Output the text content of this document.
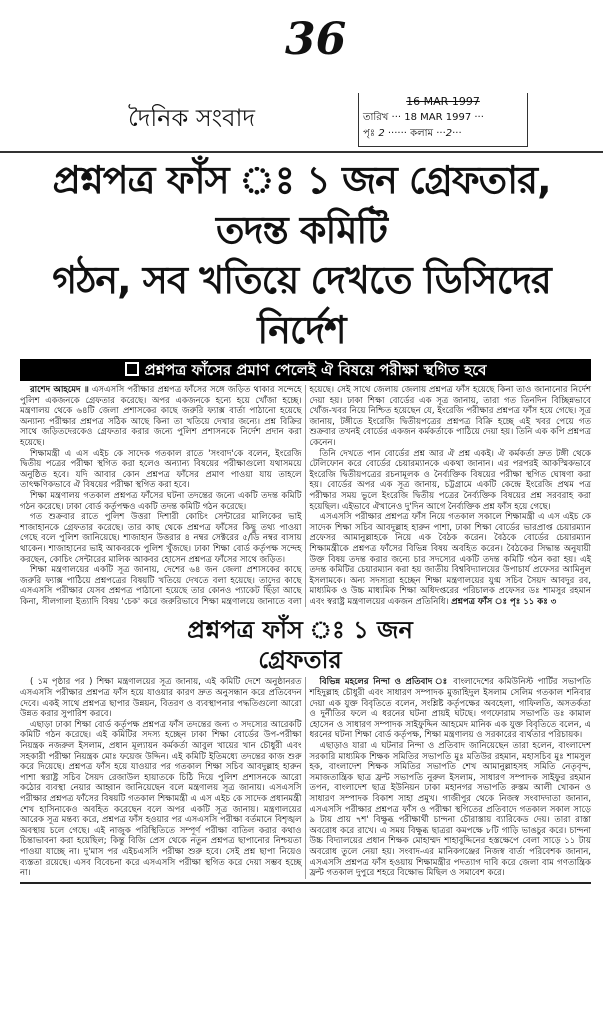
36
দৈনিক সংবাদ
16 MAR 1997
তারিখ ··· 18 MAR 1997 ···
পৃঃ 2 ······ কলাম ···2···
প্রশ্নপত্র ফাঁস ঃ ১ জন গ্রেফতার, তদন্ত কমিটি
গঠন, সব খতিয়ে দেখতে ডিসিদের নির্দেশ
প্রশ্নপত্র ফাঁসের প্রমাণ পেলেই ঐ বিষয়ে পরীক্ষা স্থগিত হবে

রাশেদ আহমেদ ॥ এসএসসি পরীক্ষার প্রশ্নপত্র ফাঁসের সঙ্গে জড়িত থাকার সন্দেহে পুলিশ একজনকে গ্রেফতার করেছে। অপর একজনকে হন্যে হয়ে খোঁজা হচ্ছে। মন্ত্রণালয় থেকে ৬৪টি জেলা প্রশাসকের কাছে জরুরি ফ্যাক্স বার্তা পাঠানো হয়েছে অন্যান্য পরীক্ষার প্রশ্নপত্র সঠিক আছে কিনা তা খতিয়ে দেখার জন্যে। প্রশ্ন বিক্রির সাথে জড়িতদেরকেও গ্রেফতার করার জন্যে পুলিশ প্রশাসনকে নির্দেশ প্রদান করা হয়েছে।

শিক্ষামন্ত্রী এ এস এইচ কে সাদেক গতকাল রাতে 'সংবাদ'কে বলেন, ইংরেজি দ্বিতীয় পত্রের পরীক্ষা স্থগিত করা হলেও অন্যান্য বিষয়ের পরীক্ষাগুলো যথাসময়ে অনুষ্ঠিত হবে। যদি আবার কোন প্রশ্নপত্র ফাঁসের প্রমাণ পাওয়া যায় তাহলে তাৎক্ষণিকভাবে ঐ বিষয়ের পরীক্ষা স্থগিত করা হবে।

শিক্ষা মন্ত্রণালয় গতকাল প্রশ্নপত্র ফাঁসের ঘটনা তদন্তের জন্যে একটি তদন্ত কমিটি গঠন করেছে। ঢাকা বোর্ড কর্তৃপক্ষও একটি তদন্ত কমিটি গঠন করেছে।

গত শুক্রবার রাতে পুলিশ উত্তরা দিশারী কোচিং সেন্টারের মালিকের ভাই শাজাহানকে গ্রেফতার করেছে। তার কাছ থেকে প্রশ্নপত্র ফাঁসের কিছু তথ্য পাওয়া গেছে বলে পুলিশ জানিয়েছে। শাজাহান উত্তরার ৪ নম্বর সেক্টরের ৫/ডি নম্বর বাসায় থাকেন। শাজাহানের ভাই আকবরকে পুলিশ খুঁজছে। ঢাকা শিক্ষা বোর্ড কর্তৃপক্ষ সন্দেহ করছেন, কোচিং সেন্টারের মালিক আকবর হোসেন প্রশ্নপত্র ফাঁসের সাথে জড়িত।

শিক্ষা মন্ত্রণালয়ের একটি সূত্র জানায়, দেশের ৬৪ জন জেলা প্রশাসকের কাছে জরুরি ফ্যাক্স পাঠিয়ে প্রশ্নপত্রের বিষয়টি খতিয়ে দেখতে বলা হয়েছে। তাদের কাছে এসএসসি পরীক্ষার যেসব প্রশ্নপত্র পাঠানো হয়েছে তার কোনও প্যাকেট ছিঁড়া আছে কিনা, সীলগালা ইত্যাদি বিষয় 'চেক' করে জরুরিভাবে শিক্ষা মন্ত্রণালয়ে জানাতে বলা হয়েছে। সেই সাথে জেলায় জেলায় প্রশ্নপত্র ফাঁস হয়েছে কিনা তাও জানানোর নির্দেশ দেয়া হয়। ঢাকা শিক্ষা বোর্ডের এক সূত্র জানায়, তারা গত তিনদিন বিচ্ছিন্নভাবে খোঁজ-খবর নিয়ে নিশ্চিত হয়েছেন যে, ইংরেজি পরীক্ষার প্রশ্নপত্র ফাঁস হয়ে গেছে। সূত্র জানায়, টঙ্গীতে ইংরেজি দ্বিতীয়পত্রের প্রশ্নপত্র বিক্রি হচ্ছে এই খবর পেয়ে গত শুক্রবার তখনই বোর্ডের একজন কর্মকর্তাকে পাঠিয়ে দেয়া হয়। তিনি এক কপি প্রশ্নপত্র কেনেন।

তিনি দেখতে পান বোর্ডের প্রশ্ন আর ঐ প্রশ্ন একই। ঐ কর্মকর্তা দ্রুত টঙ্গী থেকে টেলিফোন করে বোর্ডের চেয়ারম্যানকে একথা জানান। এর পরপরই আকস্মিকভাবে ইংরেজি দ্বিতীয়পত্রের রচনামূলক ও নৈর্ব্যক্তিক বিষয়ের পরীক্ষা স্থগিত ঘোষণা করা হয়। বোর্ডের অপর এক সূত্র জানায়, চট্টগ্রামে একটি কেন্দ্রে ইংরেজি প্রথম পত্র পরীক্ষার সময় ভুলে ইংরেজি দ্বিতীয় পত্রের নৈর্ব্যক্তিক বিষয়ের প্রশ্ন সরবরাহ করা হয়েছিল। এইভাবে ঐখানেও দু'দিন আগে নৈর্ব্যক্তিক প্রশ্ন ফাঁস হয়ে গেছে।

এসএসসি পরীক্ষার প্রশ্নপত্র ফাঁস নিয়ে গতকাল সকালে শিক্ষামন্ত্রী এ এস এইচ কে সাদেক শিক্ষা সচিব আবদুল্লাহ হারুন পাশা, ঢাকা শিক্ষা বোর্ডের ভারপ্রাপ্ত চেয়ারম্যান প্রফেসর আমানুল্লাহকে নিয়ে এক বৈঠক করেন। বৈঠকে বোর্ডের চেয়ারম্যান শিক্ষামন্ত্রীকে প্রশ্নপত্র ফাঁসের বিভিন্ন বিষয় অবহিত করেন। বৈঠকের সিদ্ধান্ত অনুযায়ী উক্ত বিষয় তদন্ত করার জন্যে চার সদস্যের একটি তদন্ত কমিটি গঠন করা হয়। এই তদন্ত কমিটির চেয়ারম্যান করা হয় জাতীয় বিশ্ববিদ্যালয়ের উপাচার্য প্রফেসর আমিনুল ইসলামকে। অন্য সদস্যরা হচ্ছেন শিক্ষা মন্ত্রণালয়ের যুগ্ম সচিব সৈয়দ আবদুর রব, মাধ্যমিক ও উচ্চ মাধ্যমিক শিক্ষা অধিদপ্তরের পরিচালক প্রফেসর ডঃ শামসুর রহমান এবং স্বরাষ্ট্র মন্ত্রণালয়ের একজন প্রতিনিধি। প্রশ্নপত্র ফাঁস ঃ পৃঃ ১১ কঃ ৩

প্রশ্নপত্র ফাঁস ঃ ১ জন গ্রেফতার

( ১ম পৃষ্ঠার পর ) শিক্ষা মন্ত্রণালয়ের সূত্র জানায়, এই কমিটি দেশে অনুষ্ঠানরত এসএসসি পরীক্ষার প্রশ্নপত্র ফাঁস হয়ে যাওয়ার কারণ দ্রুত অনুসন্ধান করে প্রতিবেদন দেবে। একই সাথে প্রশ্নপত্র ছাপার উন্নয়ন, বিতরণ ও ব্যবস্থাপনার পদ্ধতিগুলো আরো উন্নত করার সুপারিশ করবে।

এছাড়া ঢাকা শিক্ষা বোর্ড কর্তৃপক্ষ প্রশ্নপত্র ফাঁস তদন্তের জন্য ৩ সদস্যের আরেকটি কমিটি গঠন করেছে। এই কমিটির সদস্য হচ্ছেন ঢাকা শিক্ষা বোর্ডের উপ-পরীক্ষা নিয়ন্ত্রক নজরুল ইসলাম, প্রধান মূল্যায়ন কর্মকর্তা আবুল খায়ের খান চৌধুরী এবং সহকারী পরীক্ষা নিয়ন্ত্রক মোঃ ফয়েজ উদ্দিন। এই কমিটি ইতিমধ্যে তদন্তের কাজ শুরু করে দিয়েছে। প্রশ্নপত্র ফাঁস হয়ে যাওয়ার পর গতকাল শিক্ষা সচিব আবদুল্লাহ হারুন পাশা স্বরাষ্ট্র সচিব সৈয়দ রেজাউল হায়াতকে চিঠি দিয়ে পুলিশ প্রশাসনকে আরো কঠোর ব্যবস্থা নেয়ার আহ্বান জানিয়েছেন বলে মন্ত্রণালয় সূত্র জানায়। এসএসসি পরীক্ষার প্রশ্নপত্র ফাঁসের বিষয়টি গতকাল শিক্ষামন্ত্রী এ এস এইচ কে সাদেক প্রধানমন্ত্রী শেখ হাসিনাকেও অবহিত করেছেন বলে অপর একটি সূত্র জানায়। মন্ত্রণালয়ের আরেক সূত্র মন্তব্য করে, প্রশ্নপত্র ফাঁস হওয়ার পর এসএসসি পরীক্ষা বর্তমানে বিশৃঙ্খল অবস্থায় চলে গেছে। এই নাজুক পরিস্থিতিতে সম্পূর্ণ পরীক্ষা বাতিল করার কথাও চিন্তাভাবনা করা হয়েছিল; কিন্তু বিজি প্রেস থেকে নতুন প্রশ্নপত্র ছাপানোর নিশ্চয়তা পাওয়া যাচ্ছে না। দু'মাস পর এইচএসসি পরীক্ষা শুরু হবে। সেই প্রশ্ন ছাপা নিয়েও ব্যস্ততা রয়েছে। এসব বিবেচনা করে এসএসসি পরীক্ষা স্থগিত করে দেয়া সম্ভব হচ্ছে না।

বিভিন্ন মহলের নিন্দা ও প্রতিবাদ ঃ বাংলাদেশের কমিউনিস্ট পার্টির সভাপতি শহিদুল্লাহ চৌধুরী এবং সাধারণ সম্পাদক মুজাহিদুল ইসলাম সেলিম গতকাল শনিবার দেয়া এক যুক্ত বিবৃতিতে বলেন, সংশ্লিষ্ট কর্তৃপক্ষের অবহেলা, গাফিলতি, অসতর্কতা ও দুর্নীতির ফলে এ ধরনের ঘটনা প্রায়ই ঘটছে। গণফোরাম সভাপতি ডঃ কামাল হোসেন ও সাধারণ সম্পাদক সাইফুদ্দিন আহমেদ মানিক এক যুক্ত বিবৃতিতে বলেন, এ ধরনের ঘটনা শিক্ষা বোর্ড কর্তৃপক্ষ, শিক্ষা মন্ত্রণালয় ও সরকারের ব্যর্থতার পরিচায়ক।

এছাড়াও যারা এ ঘটনার নিন্দা ও প্রতিবাদ জানিয়েছেন তারা হলেন, বাংলাদেশ সরকারি মাধ্যমিক শিক্ষক সমিতির সভাপতি মুঃ মতিউর রহমান, মহাসচিব মুঃ শামসুল হক, বাংলাদেশ শিক্ষক সমিতির সভাপতি শেখ আমানুল্লাহসহ সমিতি নেতৃবৃন্দ, সমাজতান্ত্রিক ছাত্র ফ্রন্ট সভাপতি নুরুল ইসলাম, সাধারণ সম্পাদক সাইফুর রহমান তপন, বাংলাদেশ ছাত্র ইউনিয়ন ঢাকা মহানগর সভাপতি রুস্তম আলী খোকন ও সাধারণ সম্পাদক বিকাশ সাহা প্রমুখ। গাজীপুর থেকে নিজস্ব সংবাদদাতা জানান, এসএসসি পরীক্ষার প্রশ্নপত্র ফাঁস ও পরীক্ষা স্থগিতের প্রতিবাদে গতকাল সকাল সাড়ে ৯ টায় প্রায় ৭শ' বিক্ষুব্ধ পরীক্ষার্থী চান্দনা চৌরাস্তায় ব্যারিকেড দেয়। তারা রাস্তা অবরোধ করে রাখে। এ সময় বিক্ষুব্ধ ছাত্ররা কমপক্ষে ৮টি গাড়ি ভাঙচুর করে। চান্দনা উচ্চ বিদ্যালয়ের প্রধান শিক্ষক মোহাম্মদ শাহাবুদ্দিনের হস্তক্ষেপে বেলা সাড়ে ১১ টায় অবরোধ তুলে নেয়া হয়। সংবাদ-এর মানিকগঞ্জের নিজস্ব বার্তা পরিবেশক জানান, এসএসসি প্রশ্নপত্র ফাঁস হওয়ায় শিক্ষামন্ত্রীর পদত্যাগ দাবি করে জেলা বাম গণতান্ত্রিক ফ্রন্ট গতকাল দুপুরে শহরে বিক্ষোভ মিছিল ও সমাবেশ করে।
